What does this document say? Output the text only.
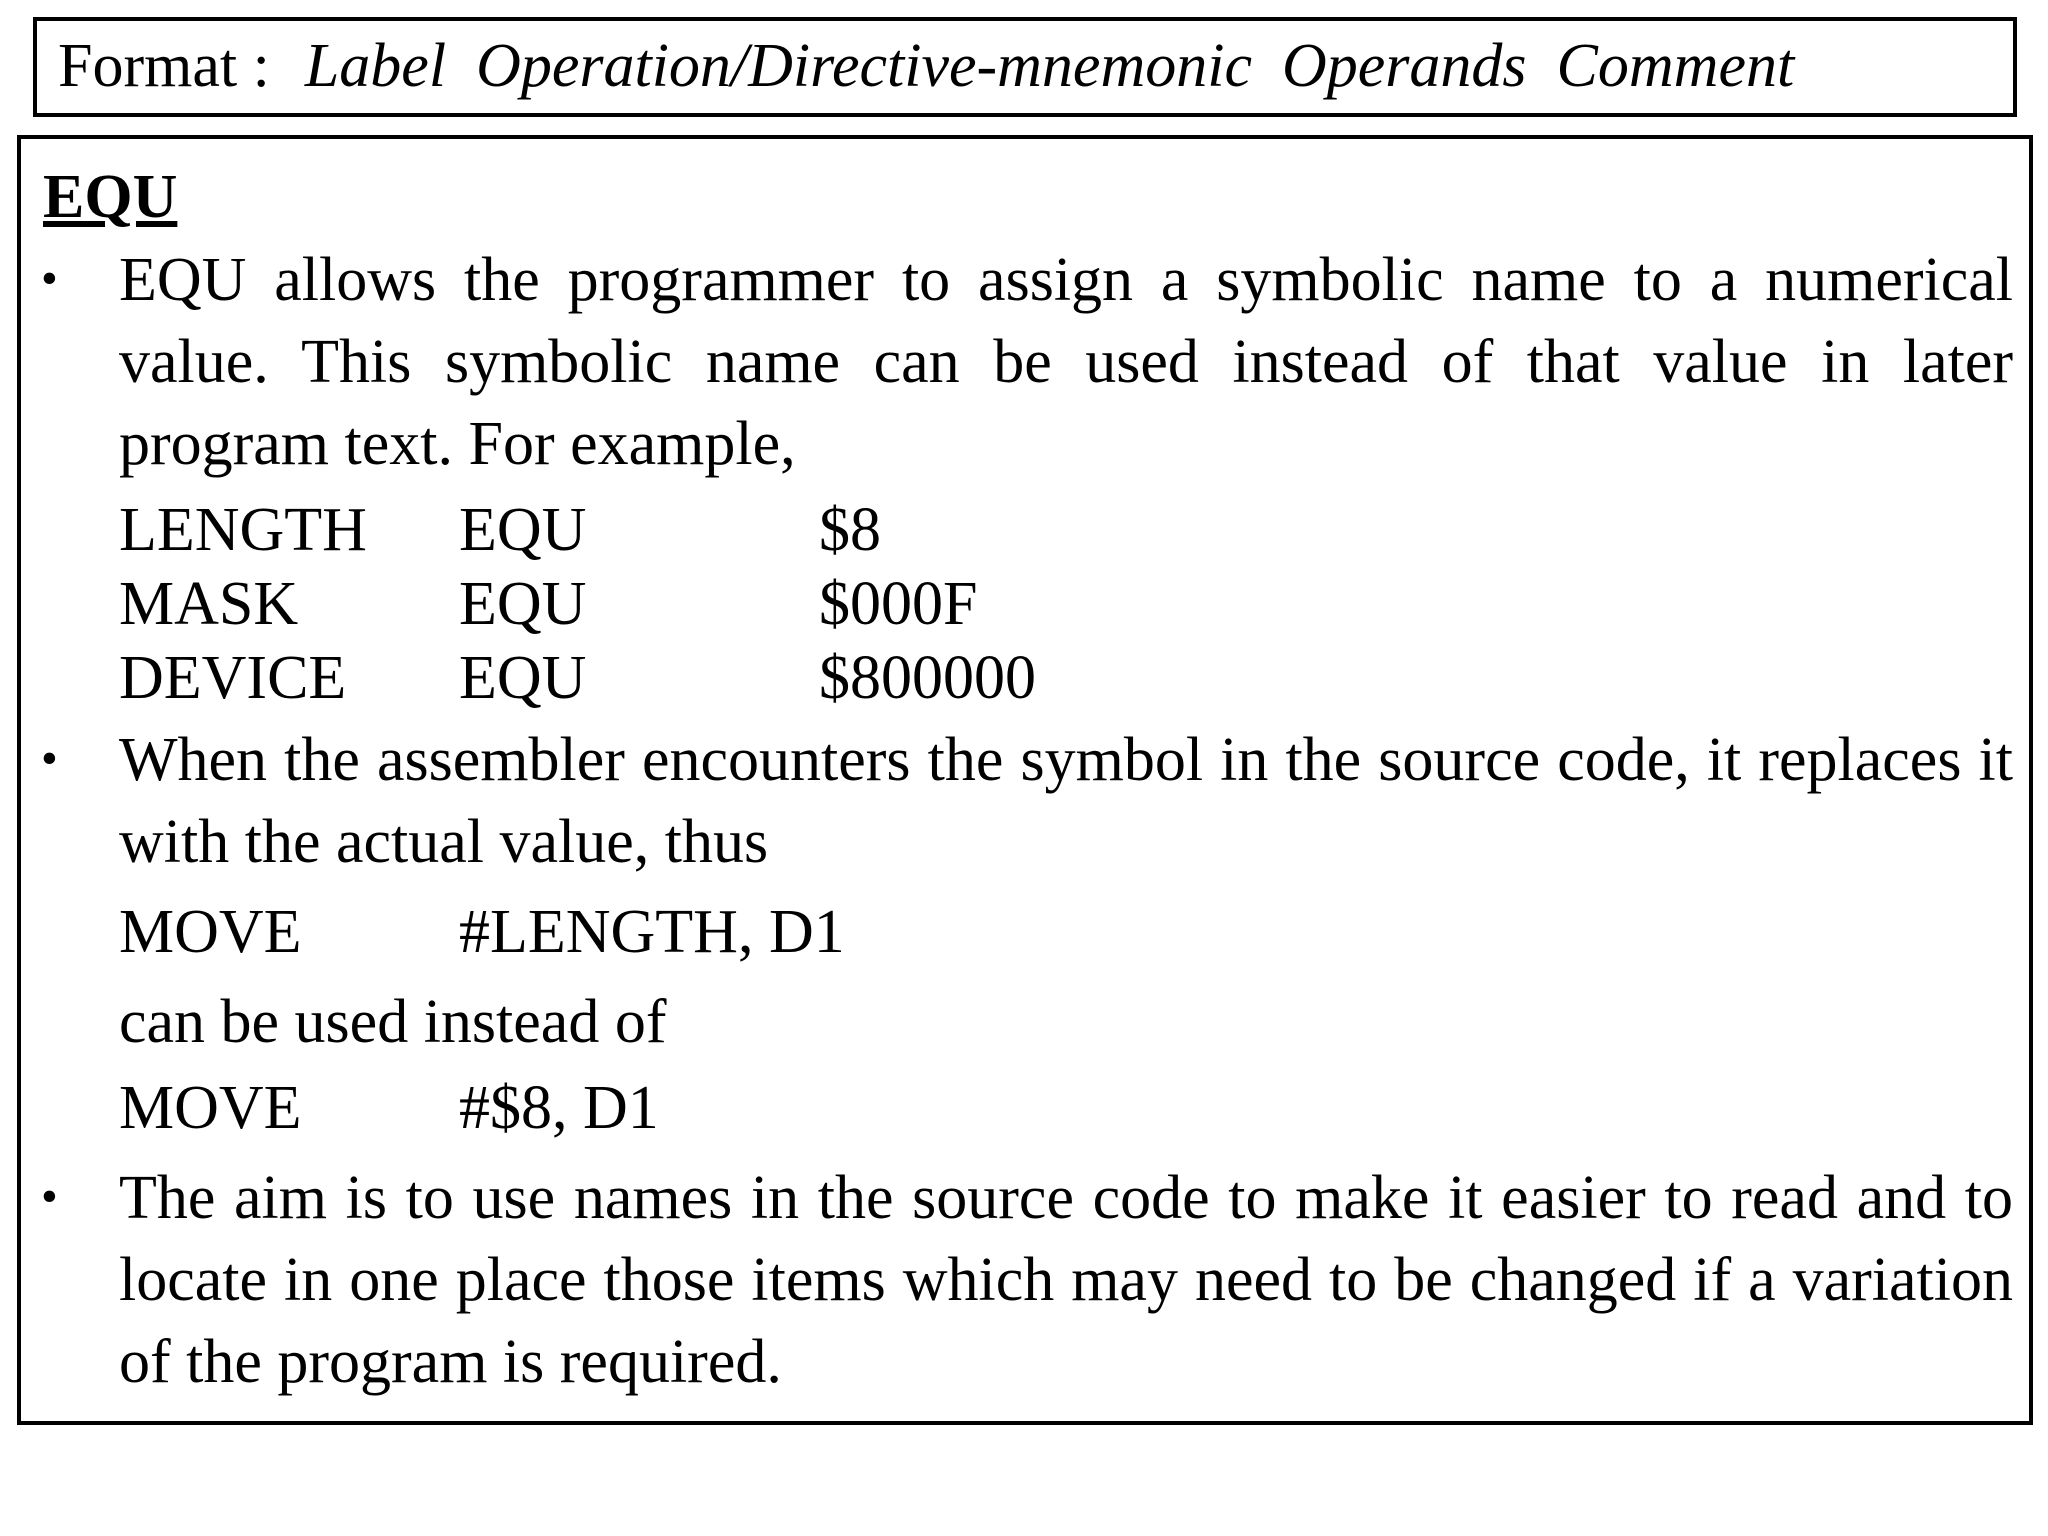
Format : Label Operation/Directive-mnemonic Operands Comment
EQU
• EQU allows the programmer to assign a symbolic name to a numerical value. This symbolic name can be used instead of that value in later program text. For example,

LENGTH EQU	$8
MASK	EQU	$000F
DEVICE EQU	$800000
• When the assembler encounters the symbol in the source code, it replaces it with the actual value, thus

MOVE	#LENGTH, D1
can be used instead of
MOVE	#$8, D1
• The aim is to use names in the source code to make it easier to read and to locate in one place those items which may need to be changed if a variation of the program is required.
